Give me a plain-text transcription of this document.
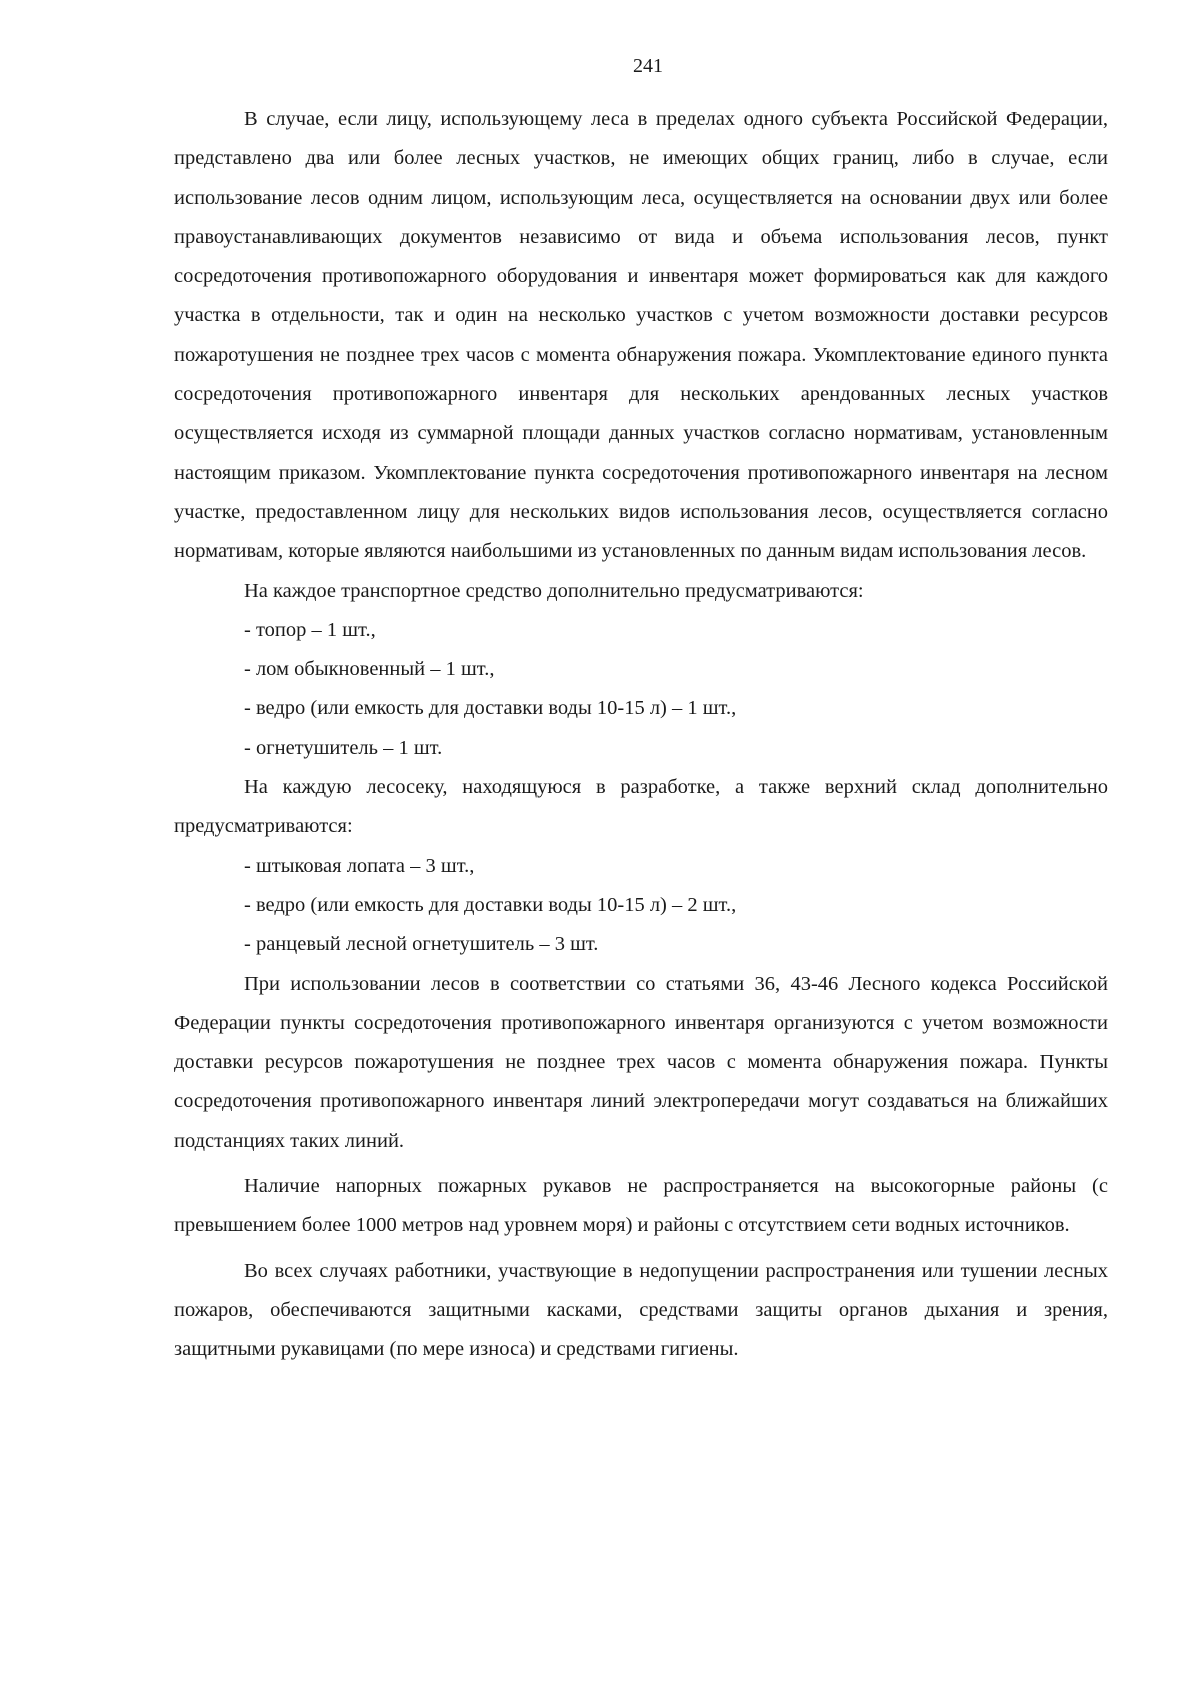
241

В случае, если лицу, использующему леса в пределах одного субъекта Российской Федерации, представлено два или более лесных участков, не имеющих общих границ, либо в случае, если использование лесов одним лицом, использующим леса, осуществляется на основании двух или более правоустанавливающих документов независимо от вида и объема использования лесов, пункт сосредоточения противопожарного оборудования и инвентаря может формироваться как для каждого участка в отдельности, так и один на несколько участков с учетом возможности доставки ресурсов пожаротушения не позднее трех часов с момента обнаружения пожара. Укомплектование единого пункта сосредоточения противопожарного инвентаря для нескольких арендованных лесных участков осуществляется исходя из суммарной площади данных участков согласно нормативам, установленным настоящим приказом. Укомплектование пункта сосредоточения противопожарного инвентаря на лесном участке, предоставленном лицу для нескольких видов использования лесов, осуществляется согласно нормативам, которые являются наибольшими из установленных по данным видам использования лесов.

На каждое транспортное средство дополнительно предусматриваются:

- топор – 1 шт.,

- лом обыкновенный – 1 шт.,

- ведро (или емкость для доставки воды 10-15 л) – 1 шт.,

- огнетушитель – 1 шт.

На каждую лесосеку, находящуюся в разработке, а также верхний склад дополнительно предусматриваются:

- штыковая лопата – 3 шт.,

- ведро (или емкость для доставки воды 10-15 л) – 2 шт.,

- ранцевый лесной огнетушитель – 3 шт.

При использовании лесов в соответствии со статьями 36, 43-46 Лесного кодекса Российской Федерации пункты сосредоточения противопожарного инвентаря организуются с учетом возможности доставки ресурсов пожаротушения не позднее трех часов с момента обнаружения пожара. Пункты сосредоточения противопожарного инвентаря линий электропередачи могут создаваться на ближайших подстанциях таких линий.

Наличие напорных пожарных рукавов не распространяется на высокогорные районы (с превышением более 1000 метров над уровнем моря) и районы с отсутствием сети водных источников.

Во всех случаях работники, участвующие в недопущении распространения или тушении лесных пожаров, обеспечиваются защитными касками, средствами защиты органов дыхания и зрения, защитными рукавицами (по мере износа) и средствами гигиены.
